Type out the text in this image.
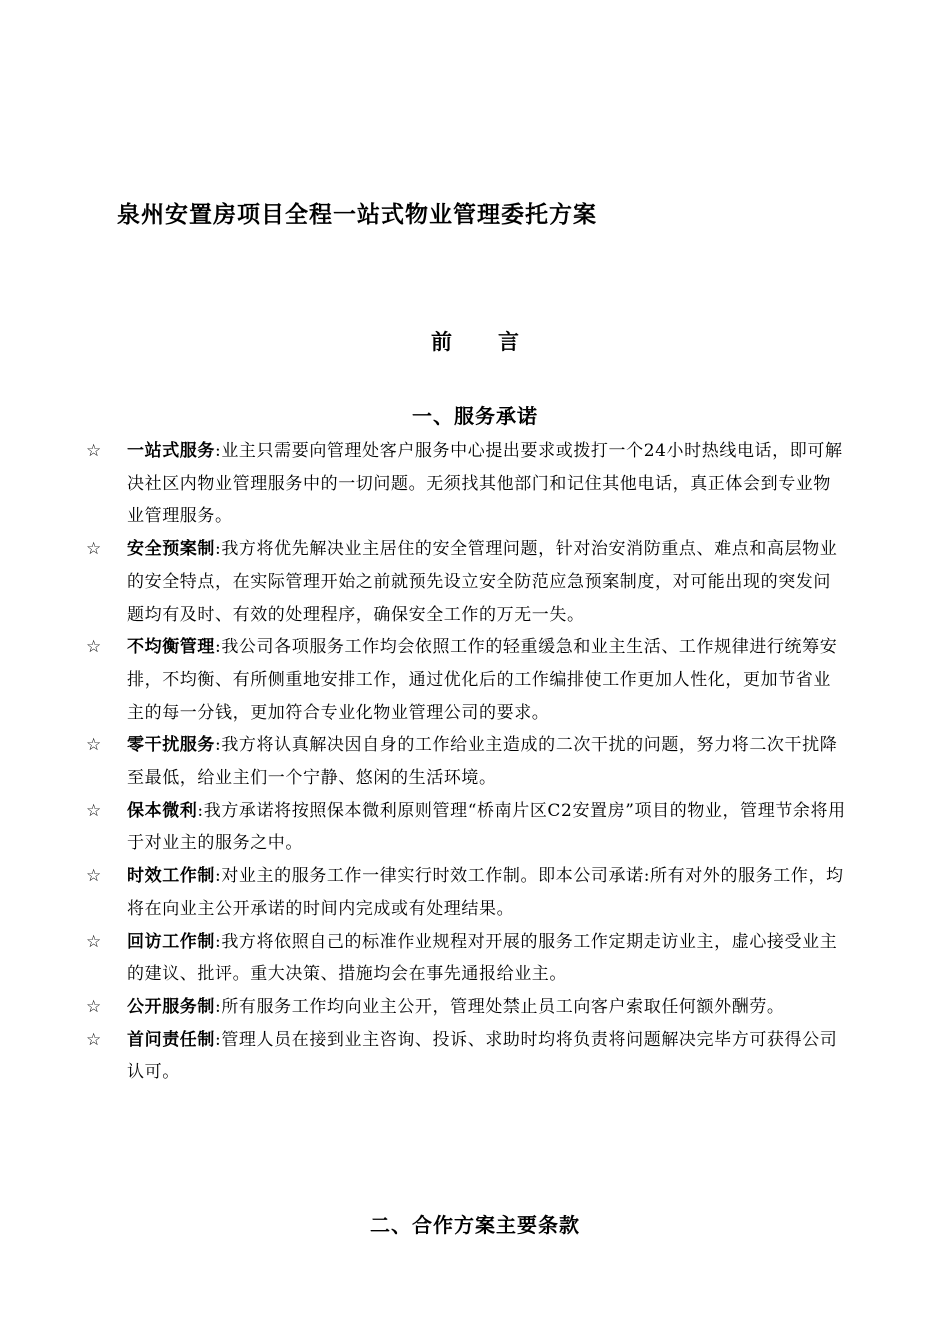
泉州安置房项目全程一站式物业管理委托方案
前言
一、服务承诺
☆ 一站式服务:业主只需要向管理处客户服务中心提出要求或拨打一个24小时热线电话，即可解决社区内物业管理服务中的一切问题。无须找其他部门和记住其他电话，真正体会到专业物业管理服务。
☆ 安全预案制:我方将优先解决业主居住的安全管理问题，针对治安消防重点、难点和高层物业的安全特点，在实际管理开始之前就预先设立安全防范应急预案制度，对可能出现的突发问题均有及时、有效的处理程序，确保安全工作的万无一失。
☆ 不均衡管理:我公司各项服务工作均会依照工作的轻重缓急和业主生活、工作规律进行统筹安排，不均衡、有所侧重地安排工作，通过优化后的工作编排使工作更加人性化，更加节省业主的每一分钱，更加符合专业化物业管理公司的要求。
☆ 零干扰服务:我方将认真解决因自身的工作给业主造成的二次干扰的问题，努力将二次干扰降至最低，给业主们一个宁静、悠闲的生活环境。
☆ 保本微利:我方承诺将按照保本微利原则管理“桥南片区C2安置房”项目的物业，管理节余将用于对业主的服务之中。
☆ 时效工作制:对业主的服务工作一律实行时效工作制。即本公司承诺:所有对外的服务工作，均将在向业主公开承诺的时间内完成或有处理结果。
☆ 回访工作制:我方将依照自己的标准作业规程对开展的服务工作定期走访业主，虚心接受业主的建议、批评。重大决策、措施均会在事先通报给业主。
☆ 公开服务制:所有服务工作均向业主公开，管理处禁止员工向客户索取任何额外酬劳。
☆ 首问责任制:管理人员在接到业主咨询、投诉、求助时均将负责将问题解决完毕方可获得公司认可。
二、合作方案主要条款
